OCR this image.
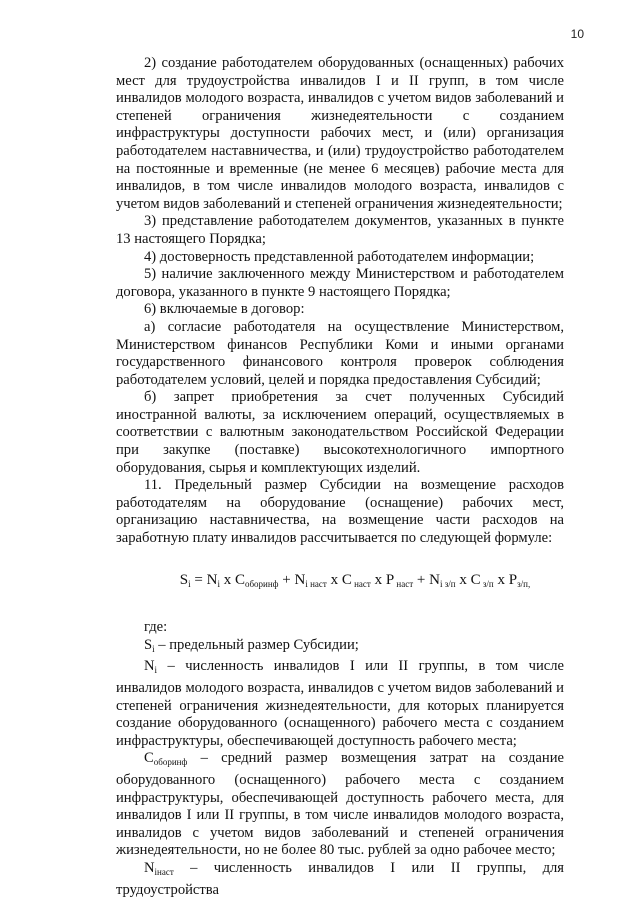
10

2) создание работодателем оборудованных (оснащенных) рабочих мест для трудоустройства инвалидов I и II групп, в том числе инвалидов молодого возраста, инвалидов с учетом видов заболеваний и степеней ограничения жизнедеятельности с созданием инфраструктуры доступности рабочих мест, и (или) организация работодателем наставничества, и (или) трудоустройство работодателем на постоянные и временные (не менее 6 месяцев) рабочие места для инвалидов, в том числе инвалидов молодого возраста, инвалидов с учетом видов заболеваний и степеней ограничения жизнедеятельности;

3) представление работодателем документов, указанных в пункте 13 настоящего Порядка;

4) достоверность представленной работодателем информации;

5) наличие заключенного между Министерством и работодателем договора, указанного в пункте 9 настоящего Порядка;

6) включаемые в договор:

а) согласие работодателя на осуществление Министерством, Министерством финансов Республики Коми и иными органами государственного финансового контроля проверок соблюдения работодателем условий, целей и порядка предоставления Субсидий;

б) запрет приобретения за счет полученных Субсидий иностранной валюты, за исключением операций, осуществляемых в соответствии с валютным законодательством Российской Федерации при закупке (поставке) высокотехнологичного импортного оборудования, сырья и комплектующих изделий.

11. Предельный размер Субсидии на возмещение расходов работодателям на оборудование (оснащение) рабочих мест, организацию наставничества, на возмещение части расходов на заработную плату инвалидов рассчитывается по следующей формуле:

$S_i = N_i$ x $C_{оборинф} + N_{i наст}$ x C $_{наст}$ x P $_{наст} + N_{i з/п}$ x C $_{з/п}$ x $P_{з/п,}$

где:

$S_i$ – предельный размер Субсидии;

$N_i$ – численность инвалидов I или II группы, в том числе инвалидов молодого возраста, инвалидов с учетом видов заболеваний и степеней ограничения жизнедеятельности, для которых планируется создание оборудованного (оснащенного) рабочего места с созданием инфраструктуры, обеспечивающей доступность рабочего места;

$C_{оборинф}$ – средний размер возмещения затрат на создание оборудованного (оснащенного) рабочего места с созданием инфраструктуры, обеспечивающей доступность рабочего места, для инвалидов I или II группы, в том числе инвалидов молодого возраста, инвалидов с учетом видов заболеваний и степеней ограничения жизнедеятельности, но не более 80 тыс. рублей за одно рабочее место;

$N_{iнаст}$ – численность инвалидов I или II группы, для трудоустройства
